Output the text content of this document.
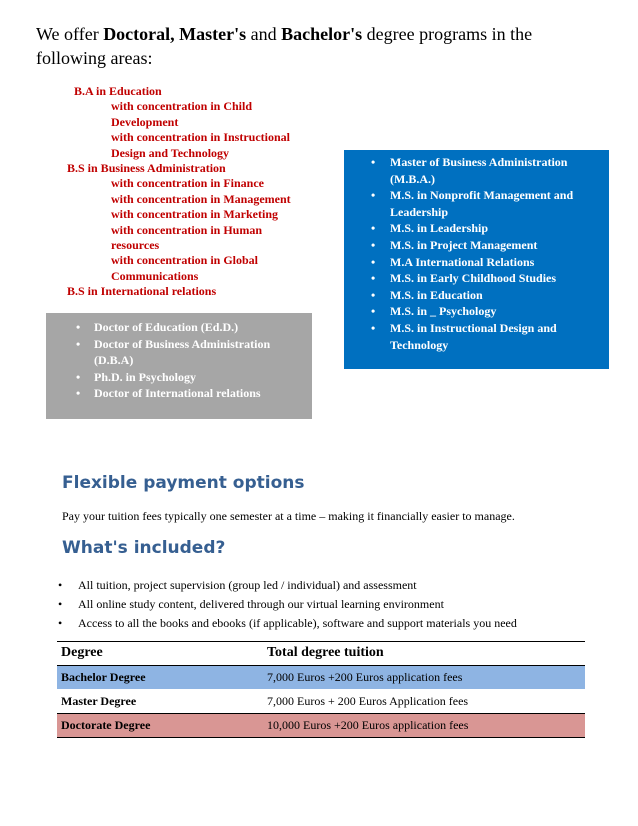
We offer Doctoral, Master's and Bachelor's degree programs in the following areas:
• B.A in Education
▪ with concentration in Child Development
▪ with concentration in Instructional Design and Technology
• B.S in Business Administration
▪ with concentration in Finance
▪ with concentration in Management
▪ with concentration in Marketing
▪ with concentration in Human resources
▪ with concentration in Global Communications
• B.S in International relations
• Doctor of Education (Ed.D.)
• Doctor of Business Administration (D.B.A)
• Ph.D. in Psychology
• Doctor of International relations
• Master of Business Administration (M.B.A.)
• M.S. in Nonprofit Management and Leadership
• M.S. in Leadership
• M.S. in Project Management
• M.A International Relations
• M.S. in Early Childhood Studies
• M.S. in Education
• M.S. in _ Psychology
• M.S. in Instructional Design and Technology
Flexible payment options
Pay your tuition fees typically one semester at a time – making it financially easier to manage.
What's included?
• All tuition, project supervision (group led / individual) and assessment
• All online study content, delivered through our virtual learning environment
• Access to all the books and ebooks (if applicable), software and support materials you need
Degree	Total degree tuition
Bachelor Degree	7,000 Euros +200 Euros application fees
Master Degree	7,000 Euros + 200 Euros Application fees
Doctorate Degree	10,000 Euros +200 Euros application fees
